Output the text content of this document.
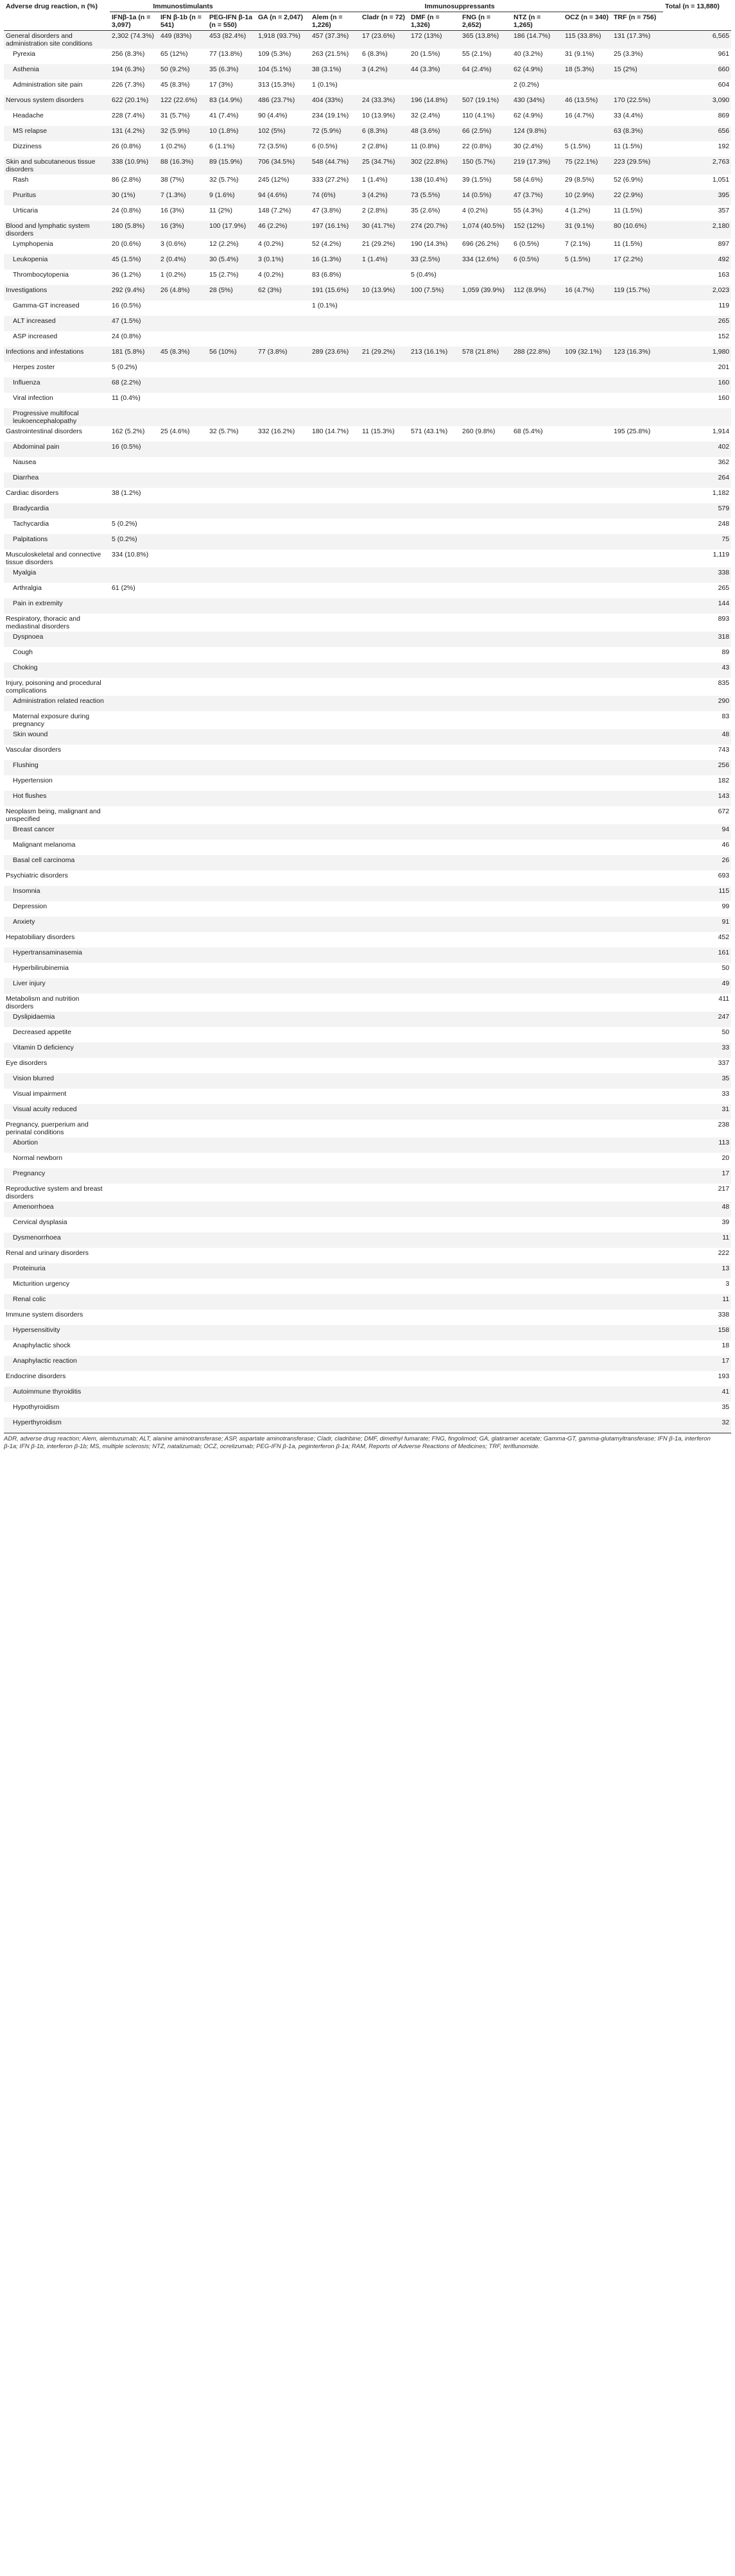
Adverse drug reaction, n (%)	Immunostimulants			Immunosuppressants								Total (n = 13,880)
	IFNβ-1a (n = 3,097)	IFN β-1b (n = 541)	PEG-IFN β-1a (n = 550)	GA (n = 2,047)	Alem (n = 1,226)	Cladr (n = 72)	DMF (n = 1,326)	FNG (n = 2,652)	NTZ (n = 1,265)	OCZ (n = 340)	TRF (n = 756)	
General disorders and administration site conditions	2,302 (74.3%)	449 (83%)	453 (82.4%)	1,918 (93.7%)	457 (37.3%)	17 (23.6%)	172 (13%)	365 (13.8%)	186 (14.7%)	115 (33.8%)	131 (17.3%)	6,565
Pyrexia	256 (8.3%)	65 (12%)	77 (13.8%)	109 (5.3%)	263 (21.5%)	6 (8.3%)	20 (1.5%)	55 (2.1%)	40 (3.2%)	31 (9.1%)	25 (3.3%)	961
Asthenia	194 (6.3%)	50 (9.2%)	35 (6.3%)	104 (5.1%)	38 (3.1%)	3 (4.2%)	44 (3.3%)	64 (2.4%)	62 (4.9%)	18 (5.3%)	15 (2%)	660
Administration site pain	226 (7.3%)	45 (8.3%)	17 (3%)	313 (15.3%)	1 (0.1%)				2 (0.2%)			604
Nervous system disorders	622 (20.1%)	122 (22.6%)	83 (14.9%)	486 (23.7%)	404 (33%)	24 (33.3%)	196 (14.8%)	507 (19.1%)	430 (34%)	46 (13.5%)	170 (22.5%)	3,090
Headache	228 (7.4%)	31 (5.7%)	41 (7.4%)	90 (4.4%)	234 (19.1%)	10 (13.9%)	32 (2.4%)	110 (4.1%)	62 (4.9%)	16 (4.7%)	33 (4.4%)	869
MS relapse	131 (4.2%)	32 (5.9%)	10 (1.8%)	102 (5%)	72 (5.9%)	6 (8.3%)	48 (3.6%)	66 (2.5%)	124 (9.8%)		63 (8.3%)	656
Dizziness	26 (0.8%)	1 (0.2%)	6 (1.1%)	72 (3.5%)	6 (0.5%)	2 (2.8%)	11 (0.8%)	22 (0.8%)	30 (2.4%)	5 (1.5%)	11 (1.5%)	192
Skin and subcutaneous tissue disorders	338 (10.9%)	88 (16.3%)	89 (15.9%)	706 (34.5%)	548 (44.7%)	25 (34.7%)	302 (22.8%)	150 (5.7%)	219 (17.3%)	75 (22.1%)	223 (29.5%)	2,763
Rash	86 (2.8%)	38 (7%)	32 (5.7%)	245 (12%)	333 (27.2%)	1 (1.4%)	138 (10.4%)	39 (1.5%)	58 (4.6%)	29 (8.5%)	52 (6.9%)	1,051
Pruritus	30 (1%)	7 (1.3%)	9 (1.6%)	94 (4.6%)	74 (6%)	3 (4.2%)	73 (5.5%)	14 (0.5%)	47 (3.7%)	10 (2.9%)	22 (2.9%)	395
Urticaria	24 (0.8%)	16 (3%)	11 (2%)	148 (7.2%)	47 (3.8%)	2 (2.8%)	35 (2.6%)	4 (0.2%)	55 (4.3%)	4 (1.2%)	11 (1.5%)	357
Blood and lymphatic system disorders	180 (5.8%)	16 (3%)	100 (17.9%)	46 (2.2%)	197 (16.1%)	30 (41.7%)	274 (20.7%)	1,074 (40.5%)	152 (12%)	31 (9.1%)	80 (10.6%)	2,180
Lymphopenia	20 (0.6%)	3 (0.6%)	12 (2.2%)	4 (0.2%)	52 (4.2%)	21 (29.2%)	190 (14.3%)	696 (26.2%)	6 (0.5%)	7 (2.1%)	11 (1.5%)	897
Leukopenia	45 (1.5%)	2 (0.4%)	30 (5.4%)	3 (0.1%)	16 (1.3%)	1 (1.4%)	33 (2.5%)	334 (12.6%)	6 (0.5%)	5 (1.5%)	17 (2.2%)	492
Thrombocytopenia	36 (1.2%)	1 (0.2%)	15 (2.7%)	4 (0.2%)	83 (6.8%)		5 (0.4%)					163
Investigations	292 (9.4%)	26 (4.8%)	28 (5%)	62 (3%)	191 (15.6%)	10 (13.9%)	100 (7.5%)	1,059 (39.9%)	112 (8.9%)	16 (4.7%)	119 (15.7%)	2,023
Gamma-GT increased	16 (0.5%)				1 (0.1%)							119
ALT increased	47 (1.5%)											265
ASP increased	24 (0.8%)											152
Infections and infestations	181 (5.8%)	45 (8.3%)	56 (10%)	77 (3.8%)	289 (23.6%)	21 (29.2%)	213 (16.1%)	578 (21.8%)	288 (22.8%)	109 (32.1%)	123 (16.3%)	1,980
Herpes zoster	5 (0.2%)											201
Influenza	68 (2.2%)											160
Viral infection	11 (0.4%)											160
Progressive multifocal leukoencephalopathy												
Gastrointestinal disorders	162 (5.2%)	25 (4.6%)	32 (5.7%)	332 (16.2%)	180 (14.7%)	11 (15.3%)	571 (43.1%)	260 (9.8%)	68 (5.4%)		195 (25.8%)	1,914
Abdominal pain	16 (0.5%)											402
Nausea												362
Diarrhea												264
Cardiac disorders	38 (1.2%)											1,182
Bradycardia												579
Tachycardia	5 (0.2%)											248
Palpitations	5 (0.2%)											75
Musculoskeletal and connective tissue disorders	334 (10.8%)											1,119
Myalgia												338
Arthralgia	61 (2%)											265
Pain in extremity												144
Respiratory, thoracic and mediastinal disorders												893
Dyspnoea												318
Cough												89
Choking												43
Injury, poisoning and procedural complications												835
Administration related reaction												290
Maternal exposure during pregnancy												83
Skin wound												48
Vascular disorders												743
Flushing												256
Hypertension												182
Hot flushes												143
Neoplasm being, malignant and unspecified												672
Breast cancer												94
Malignant melanoma												46
Basal cell carcinoma												26
Psychiatric disorders												693
Insomnia												115
Depression												99
Anxiety												91
Hepatobiliary disorders												452
Hypertransaminasemia												161
Hyperbilirubinemia												50
Liver injury												49
Metabolism and nutrition disorders												411
Dyslipidaemia												247
Decreased appetite												50
Vitamin D deficiency												33
Eye disorders												337
Vision blurred												35
Visual impairment												33
Visual acuity reduced												31
Pregnancy, puerperium and perinatal conditions												238
Abortion												113
Normal newborn												20
Pregnancy												17
Reproductive system and breast disorders												217
Amenorrhoea												48
Cervical dysplasia												39
Dysmenorrhoea												11
Renal and urinary disorders												222
Proteinuria												13
Micturition urgency												3
Renal colic												11
Immune system disorders												338
Hypersensitivity												158
Anaphylactic shock												18
Anaphylactic reaction												17
Endocrine disorders												193
Autoimmune thyroiditis												41
Hypothyroidism												35
Hyperthyroidism												32
ADR, adverse drug reaction; Alem, alemtuzumab; ALT, alanine aminotransferase; ASP, aspartate aminotransferase; Cladr, cladribine; DMF, dimethyl fumarate; FNG, fingolimod; GA, glatiramer acetate; Gamma-GT, gamma-glutamyltransferase; IFN β-1a, interferon β-1a; IFN β-1b, interferon β-1b; MS, multiple sclerosis; NTZ, natalizumab; OCZ, ocrelizumab; PEG-IFN β-1a, peginterferon β-1a; RAM, Reports of Adverse Reactions of Medicines; TRF, teriflunomide.
